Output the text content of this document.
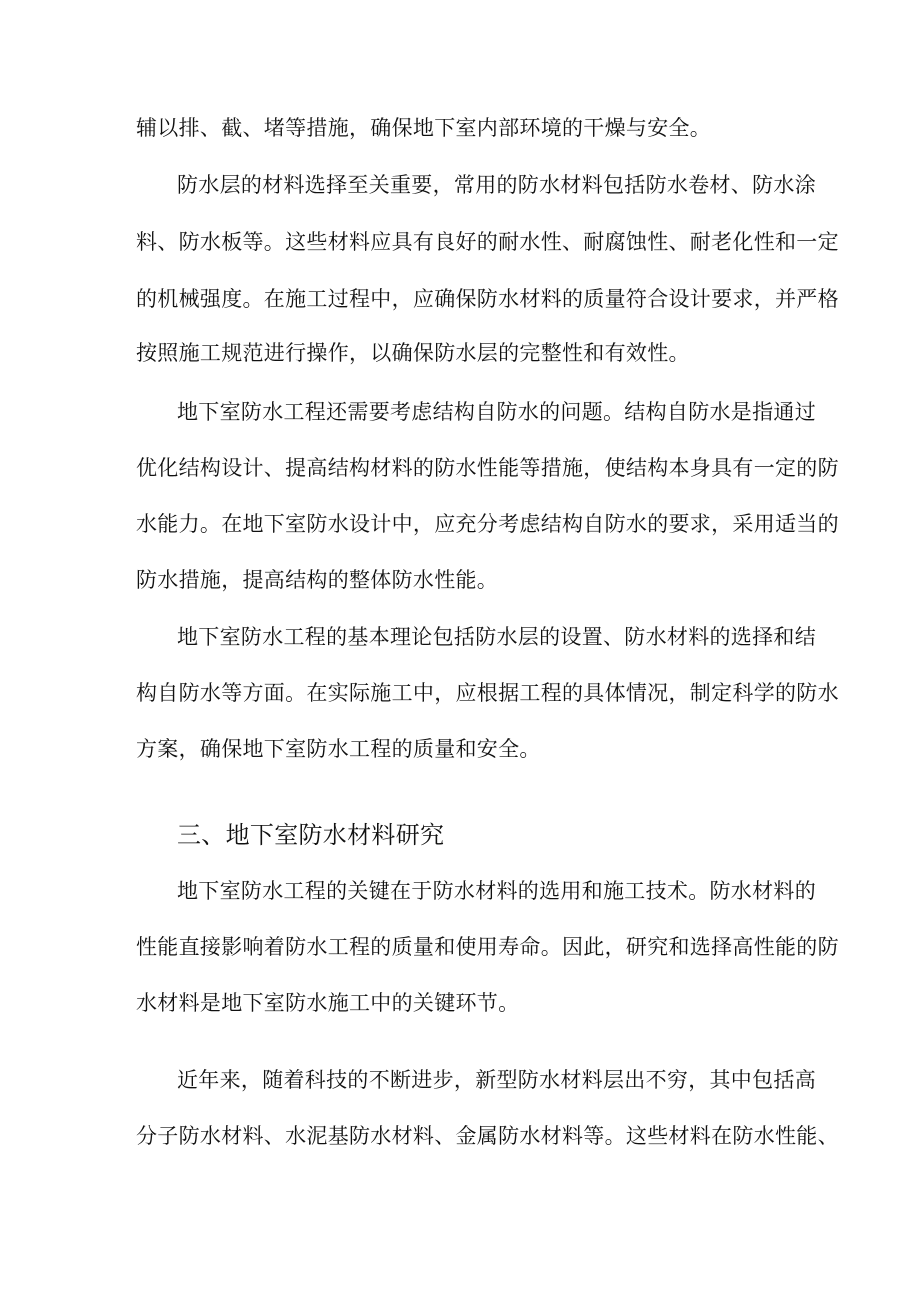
辅以排、截、堵等措施，确保地下室内部环境的干燥与安全。
防水层的材料选择至关重要，常用的防水材料包括防水卷材、防水涂
料、防水板等。这些材料应具有良好的耐水性、耐腐蚀性、耐老化性和一定
的机械强度。在施工过程中，应确保防水材料的质量符合设计要求，并严格
按照施工规范进行操作，以确保防水层的完整性和有效性。
地下室防水工程还需要考虑结构自防水的问题。结构自防水是指通过
优化结构设计、提高结构材料的防水性能等措施，使结构本身具有一定的防
水能力。在地下室防水设计中，应充分考虑结构自防水的要求，采用适当的
防水措施，提高结构的整体防水性能。
地下室防水工程的基本理论包括防水层的设置、防水材料的选择和结
构自防水等方面。在实际施工中，应根据工程的具体情况，制定科学的防水
方案，确保地下室防水工程的质量和安全。
三、地下室防水材料研究
地下室防水工程的关键在于防水材料的选用和施工技术。防水材料的
性能直接影响着防水工程的质量和使用寿命。因此，研究和选择高性能的防
水材料是地下室防水施工中的关键环节。
近年来，随着科技的不断进步，新型防水材料层出不穷，其中包括高
分子防水材料、水泥基防水材料、金属防水材料等。这些材料在防水性能、
